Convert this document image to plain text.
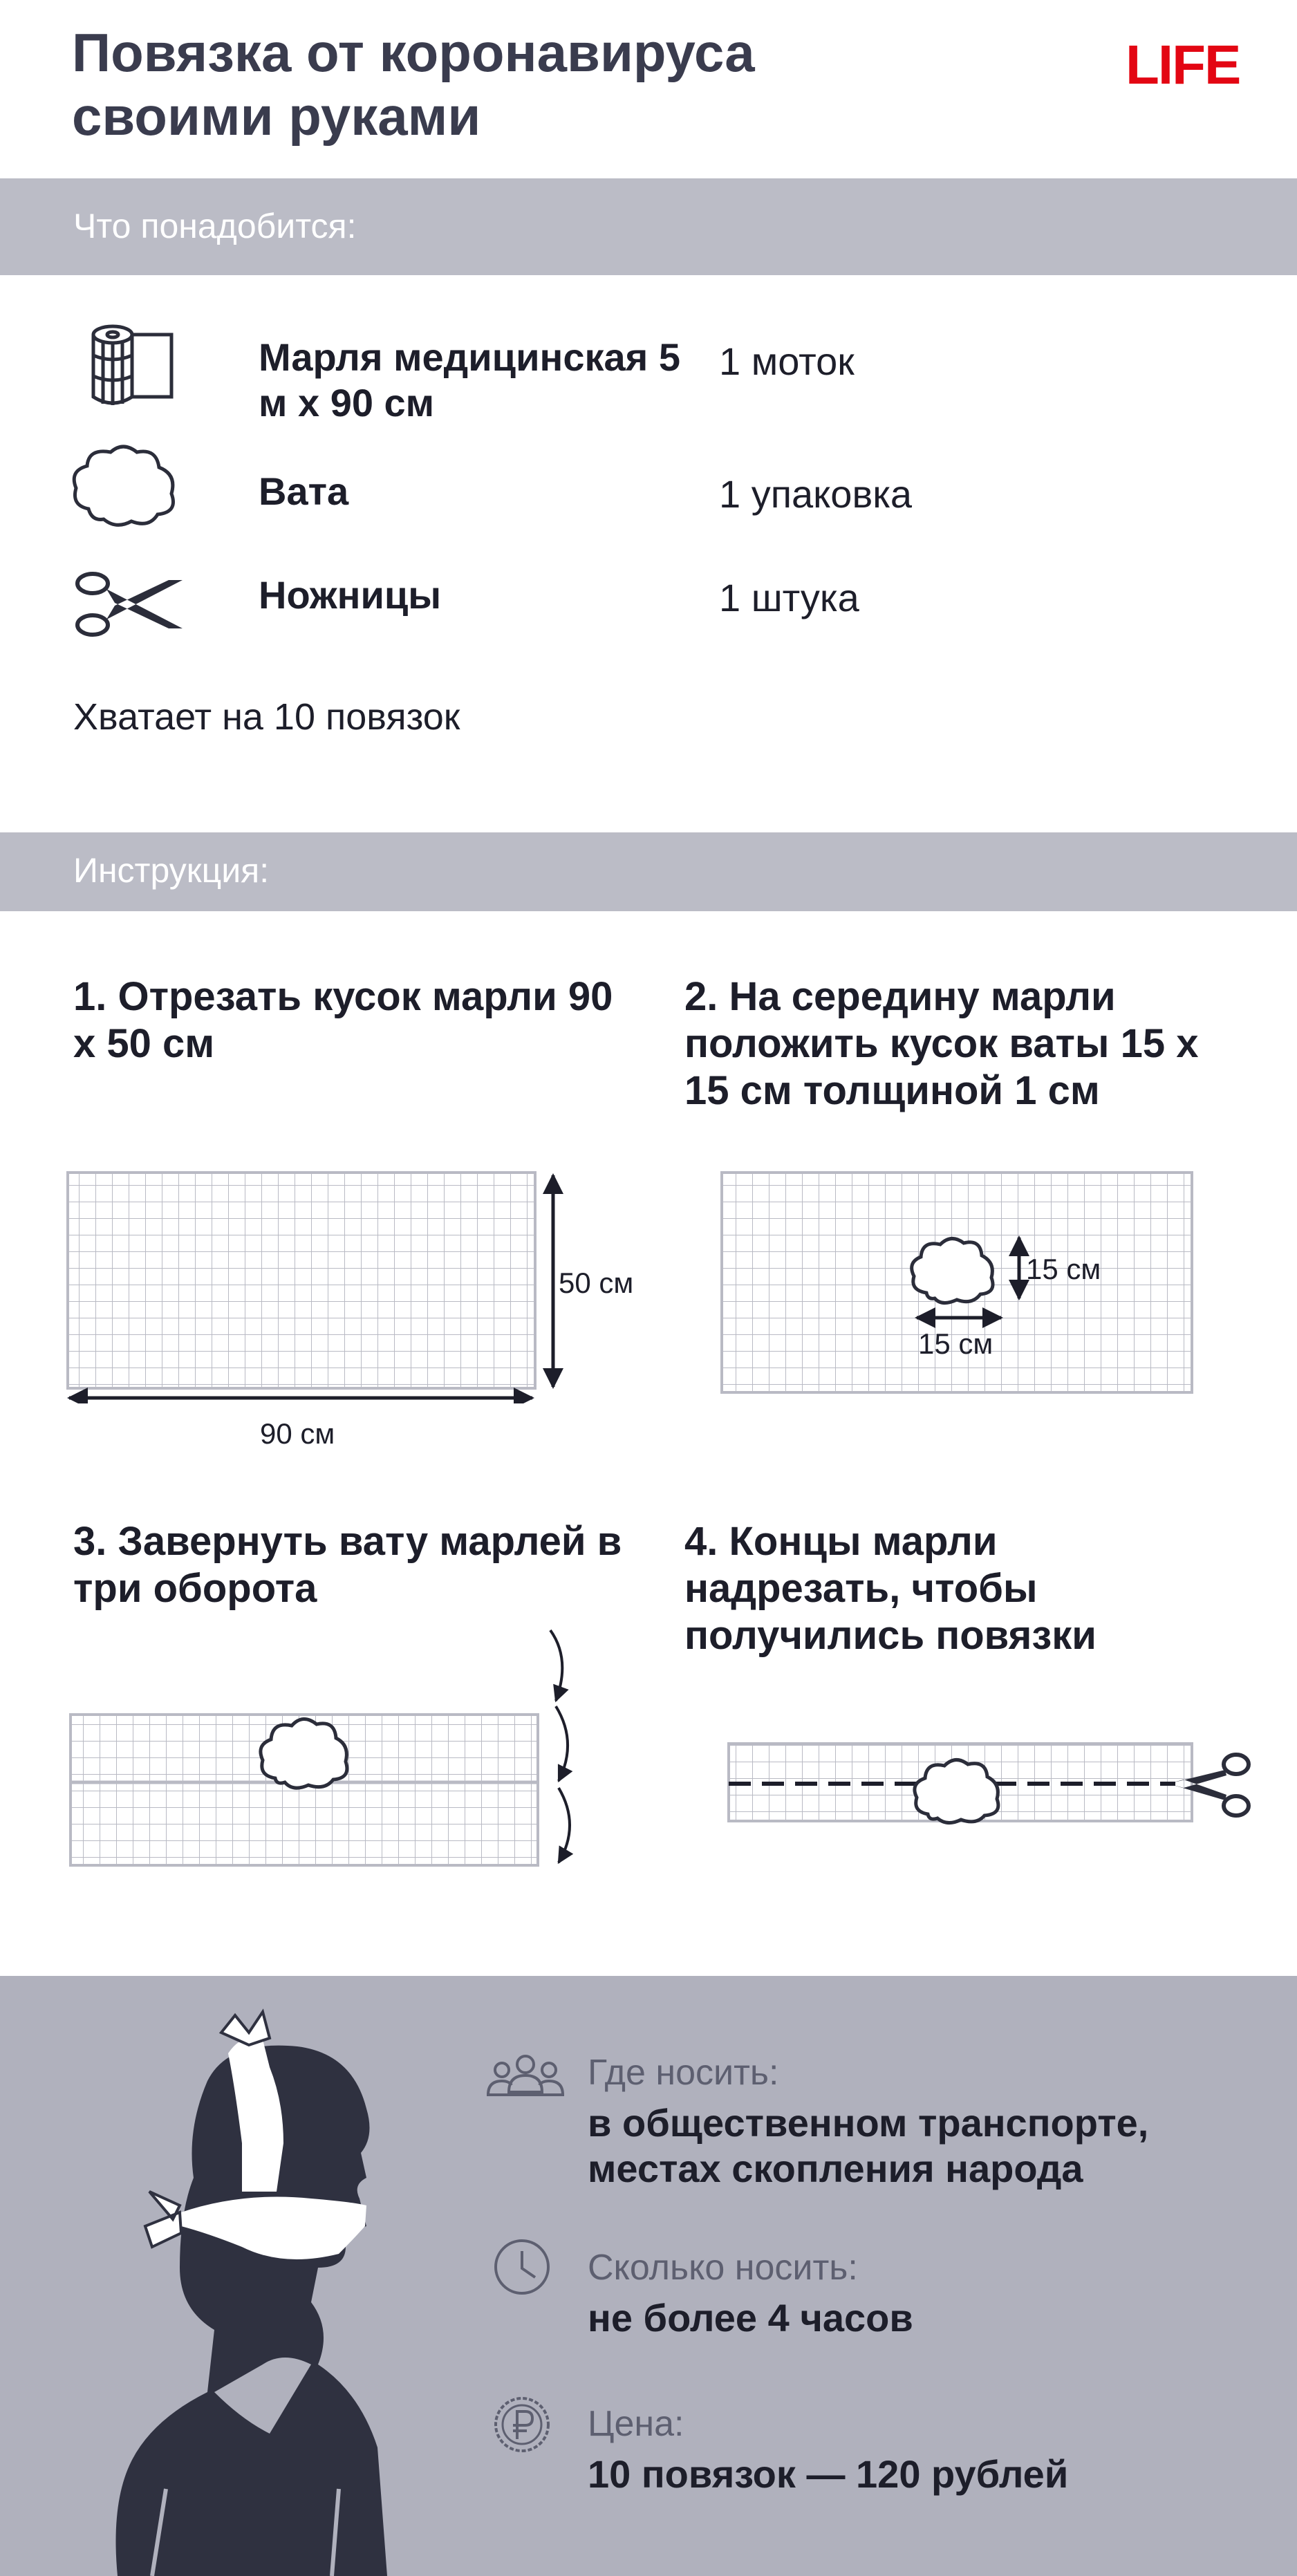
Повязка от коронавируса своими руками
LIFE
Что понадобится:
Марля медицинская 5 м x 90 см
1 моток
Вата	1 упаковка
Ножницы	1 штука
Хватает на 10 повязок
Инструкция:
1. Отрезать кусок марли 90 х 50 см
2. На середину марли положить кусок ваты 15 х 15 см толщиной 1 см
3. Завернуть вату марлей в три оборота
4. Концы марли надрезать, чтобы получились повязки
50 см
90 см
15 см
15 см
Где носить:
в общественном транспорте, местах скопления народа
Сколько носить:
не более 4 часов
Цена:
10 повязок — 120 рублей
